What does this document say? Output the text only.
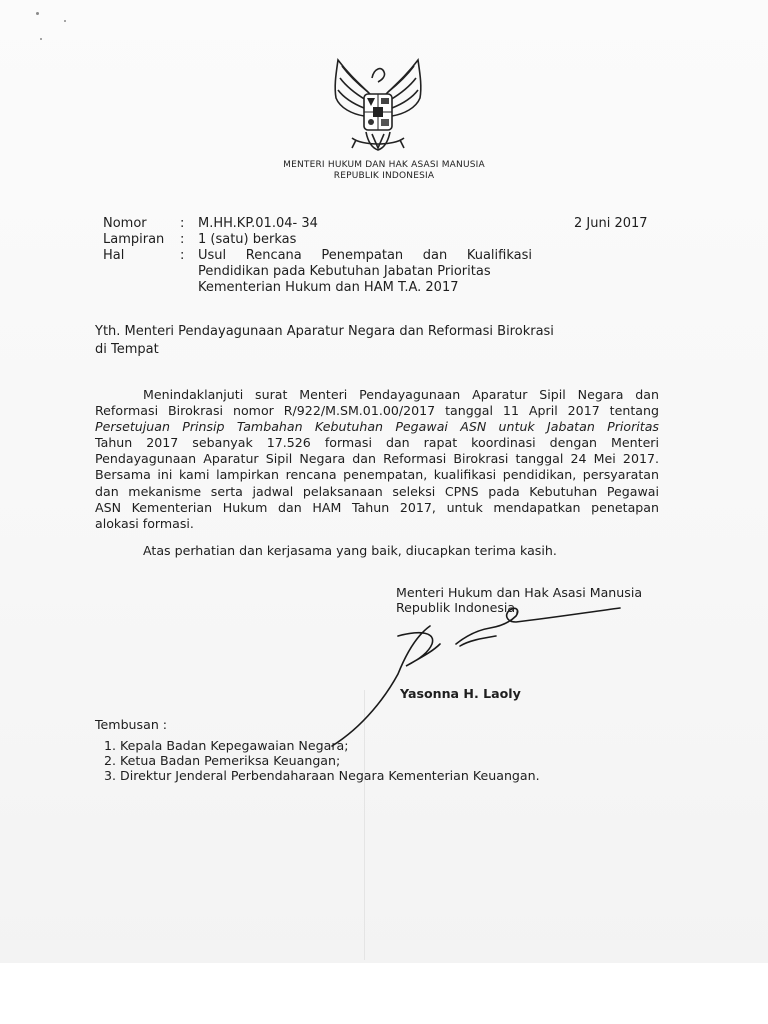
MENTERI HUKUM DAN HAK ASASI MANUSIA
REPUBLIK INDONESIA
Nomor	: M.HH.KP.01.04- 34
Lampiran : 1 (satu) berkas
Hal	: Usul Rencana Penempatan dan Kualifikasi
Pendidikan pada Kebutuhan Jabatan Prioritas
Kementerian Hukum dan HAM T.A. 2017
2 Juni 2017
Yth. Menteri Pendayagunaan Aparatur Negara dan Reformasi Birokrasi
di Tempat
Menindaklanjuti surat Menteri Pendayagunaan Aparatur Sipil Negara dan
Reformasi Birokrasi nomor R/922/M.SM.01.00/2017 tanggal 11 April 2017 tentang
Persetujuan Prinsip Tambahan Kebutuhan Pegawai ASN untuk Jabatan Prioritas
Tahun 2017 sebanyak 17.526 formasi dan rapat koordinasi dengan Menteri
Pendayagunaan Aparatur Sipil Negara dan Reformasi Birokrasi tanggal 24 Mei 2017.
Bersama ini kami lampirkan rencana penempatan, kualifikasi pendidikan, persyaratan
dan mekanisme serta jadwal pelaksanaan seleksi CPNS pada Kebutuhan Pegawai
ASN Kementerian Hukum dan HAM Tahun 2017, untuk mendapatkan penetapan
alokasi formasi.
Atas perhatian dan kerjasama yang baik, diucapkan terima kasih.
Menteri Hukum dan Hak Asasi Manusia
Republik Indonesia,
Yasonna H. Laoly
Tembusan :
1. Kepala Badan Kepegawaian Negara;
2. Ketua Badan Pemeriksa Keuangan;
3. Direktur Jenderal Perbendaharaan Negara Kementerian Keuangan.
